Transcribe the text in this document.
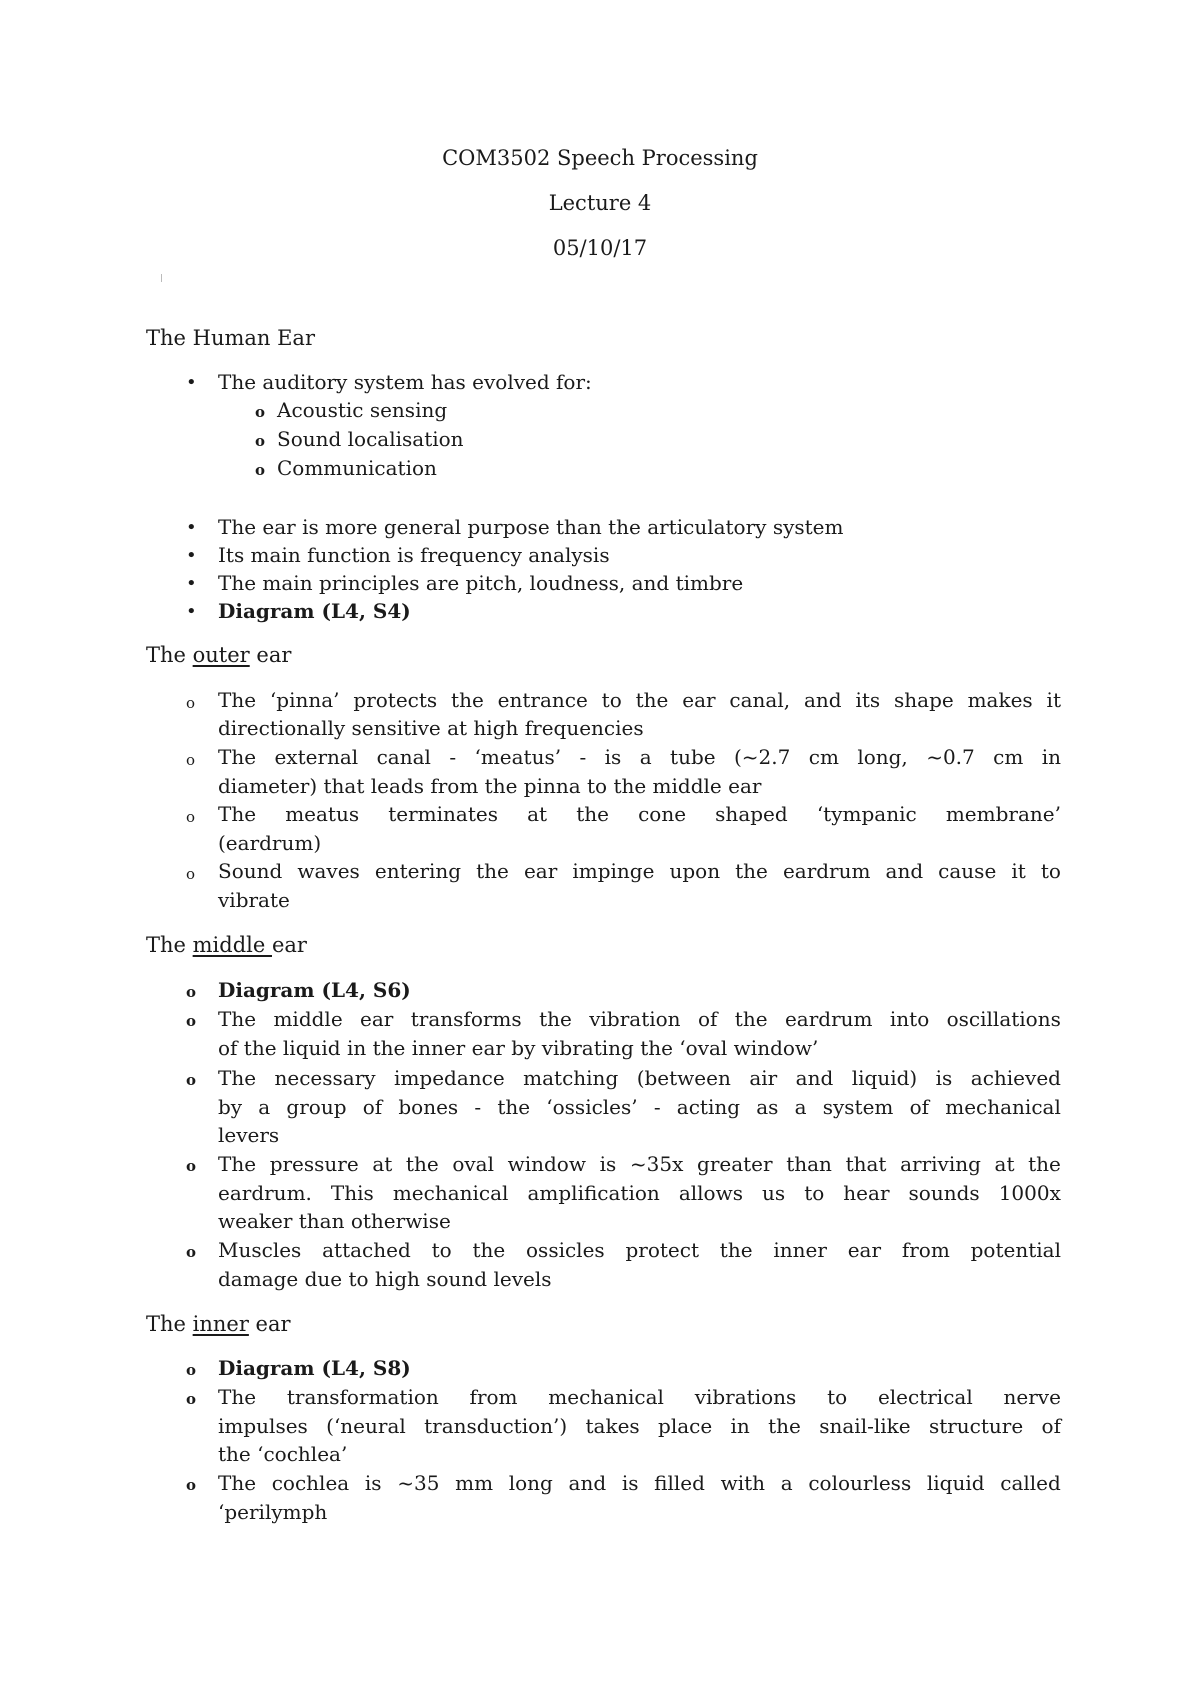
COM3502 Speech Processing
Lecture 4
05/10/17
The Human Ear
• The auditory system has evolved for:
o Acoustic sensing
o Sound localisation
o Communication
• The ear is more general purpose than the articulatory system
• Its main function is frequency analysis
• The main principles are pitch, loudness, and timbre
• Diagram (L4, S4)
The outer ear
o The ‘pinna’ protects the entrance to the ear canal, and its shape makes it
directionally sensitive at high frequencies
o The external canal - ‘meatus’ - is a tube (~2.7 cm long, ~0.7 cm in
diameter) that leads from the pinna to the middle ear
o The meatus terminates at the cone shaped ‘tympanic membrane’
(eardrum)
o Sound waves entering the ear impinge upon the eardrum and cause it to
vibrate
The middle ear
o Diagram (L4, S6)
o The middle ear transforms the vibration of the eardrum into oscillations
of the liquid in the inner ear by vibrating the ‘oval window’
o The necessary impedance matching (between air and liquid) is achieved
by a group of bones - the ‘ossicles’ - acting as a system of mechanical
levers
o The pressure at the oval window is ~35x greater than that arriving at the
eardrum. This mechanical amplification allows us to hear sounds 1000x
weaker than otherwise
o Muscles attached to the ossicles protect the inner ear from potential
damage due to high sound levels
The inner ear
o Diagram (L4, S8)
o The transformation from mechanical vibrations to electrical nerve
impulses (‘neural transduction’) takes place in the snail-like structure of
the ‘cochlea’
o The cochlea is ~35 mm long and is filled with a colourless liquid called
‘perilymph
